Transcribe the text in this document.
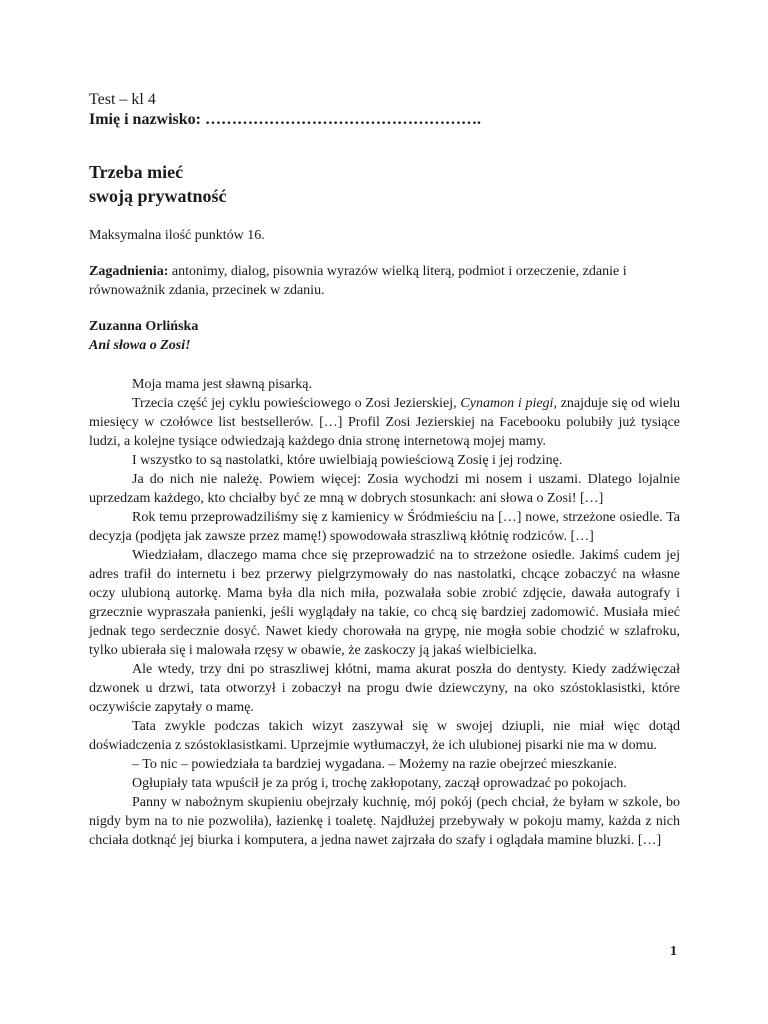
Test – kl 4

Imię i nazwisko: …………………………………………….

Trzeba mieć
swoją prywatność

Maksymalna ilość punktów 16.

Zagadnienia: antonimy, dialog, pisownia wyrazów wielką literą, podmiot i orzeczenie, zdanie i równoważnik zdania, przecinek w zdaniu.

Zuzanna Orlińska

Ani słowa o Zosi!

Moja mama jest sławną pisarką.

Trzecia część jej cyklu powieściowego o Zosi Jezierskiej, Cynamon i piegi, znajduje się od wielu miesięcy w czołówce list bestsellerów. […] Profil Zosi Jezierskiej na Facebooku polubiły już tysiące ludzi, a kolejne tysiące odwiedzają każdego dnia stronę internetową mojej mamy.

I wszystko to są nastolatki, które uwielbiają powieściową Zosię i jej rodzinę.

Ja do nich nie należę. Powiem więcej: Zosia wychodzi mi nosem i uszami. Dlatego lojalnie uprzedzam każdego, kto chciałby być ze mną w dobrych stosunkach: ani słowa o Zosi! […]

Rok temu przeprowadziliśmy się z kamienicy w Śródmieściu na […] nowe, strzeżone osiedle. Ta decyzja (podjęta jak zawsze przez mamę!) spowodowała straszliwą kłótnię rodziców. […]

Wiedziałam, dlaczego mama chce się przeprowadzić na to strzeżone osiedle. Jakimś cudem jej adres trafił do internetu i bez przerwy pielgrzymowały do nas nastolatki, chcące zobaczyć na własne oczy ulubioną autorkę. Mama była dla nich miła, pozwalała sobie zrobić zdjęcie, dawała autografy i grzecznie wypraszała panienki, jeśli wyglądały na takie, co chcą się bardziej zadomowić. Musiała mieć jednak tego serdecznie dosyć. Nawet kiedy chorowała na grypę, nie mogła sobie chodzić w szlafroku, tylko ubierała się i malowała rzęsy w obawie, że zaskoczy ją jakaś wielbicielka.

Ale wtedy, trzy dni po straszliwej kłótni, mama akurat poszła do dentysty. Kiedy zadźwięczał dzwonek u drzwi, tata otworzył i zobaczył na progu dwie dziewczyny, na oko szóstoklasistki, które oczywiście zapytały o mamę.

Tata zwykle podczas takich wizyt zaszywał się w swojej dziupli, nie miał więc dotąd doświadczenia z szóstoklasistkami. Uprzejmie wytłumaczył, że ich ulubionej pisarki nie ma w domu.

– To nic – powiedziała ta bardziej wygadana. – Możemy na razie obejrzeć mieszkanie.

Ogłupiały tata wpuścił je za próg i, trochę zakłopotany, zaczął oprowadzać po pokojach.

Panny w nabożnym skupieniu obejrzały kuchnię, mój pokój (pech chciał, że byłam w szkole, bo nigdy bym na to nie pozwoliła), łazienkę i toaletę. Najdłużej przebywały w pokoju mamy, każda z nich chciała dotknąć jej biurka i komputera, a jedna nawet zajrzała do szafy i oglądała mamine bluzki. […]

1
